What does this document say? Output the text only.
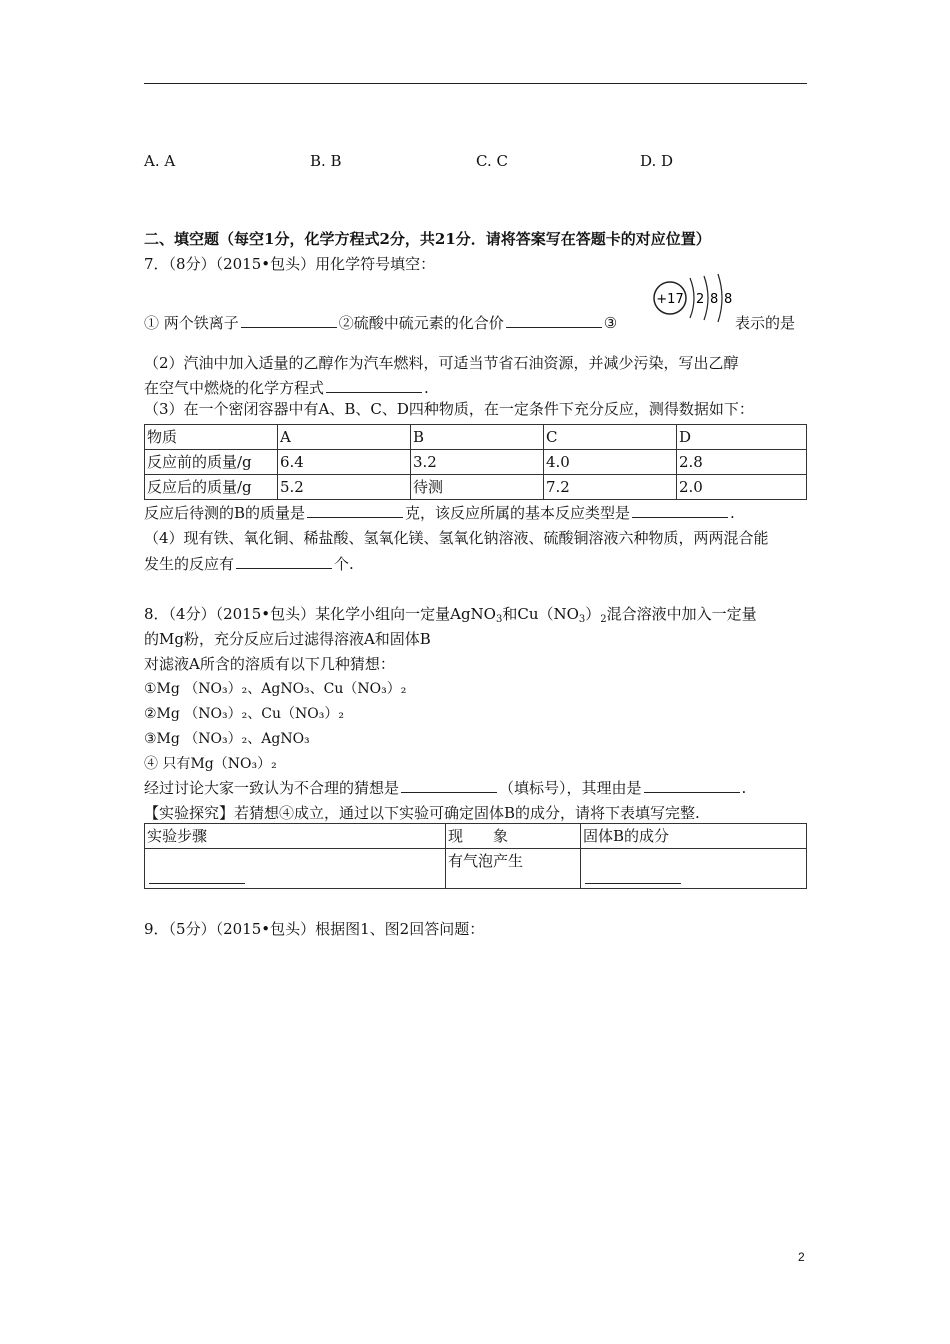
A. A	B. B	C. C	D. D
二、填空题（每空1分，化学方程式2分，共21分．请将答案写在答题卡的对应位置）
7．（8分）（2015•包头）用化学符号填空：
① 两个铁离子	②硫酸中硫元素的化合价	③
+17 2 8 8
表示的是
（2）汽油中加入适量的乙醇作为汽车燃料，可适当节省石油资源，并减少污染，写出乙醇
在空气中燃烧的化学方程式	.
（3）在一个密闭容器中有A、B、C、D四种物质，在一定条件下充分反应，测得数据如下：
物质	A	B	C	D
反应前的质量/g	6.4	3.2	4.0	2.8
反应后的质量/g	5.2	待测	7.2	2.0
反应后待测的B的质量是	克，该反应所属的基本反应类型是	.
（4）现有铁、氧化铜、稀盐酸、氢氧化镁、氢氧化钠溶液、硫酸铜溶液六种物质，两两混合能
发生的反应有	个.
8．（4分）（2015•包头）某化学小组向一定量AgNO$_3$和$Cu(NO_3)_2$混合溶液中加入一定量
的Mg粉，充分反应后过滤得溶液A和固体B
对滤液A所含的溶质有以下几种猜想：
①Mg （NO₃）₂、AgNO₃、Cu（NO₃）₂
②Mg （NO₃）₂、Cu（NO₃）₂
③Mg （NO₃）₂、AgNO₃
④ 只有Mg（NO₃）₂
经过讨论大家一致认为不合理的猜想是	（填标号），其理由是	.
【实验探究】若猜想④成立，通过以下实验可确定固体B的成分，请将下表填写完整.
实验步骤	现　　象	固体B的成分

	有气泡产生	
9．（5分）（2015•包头）根据图1、图2回答问题：
2
